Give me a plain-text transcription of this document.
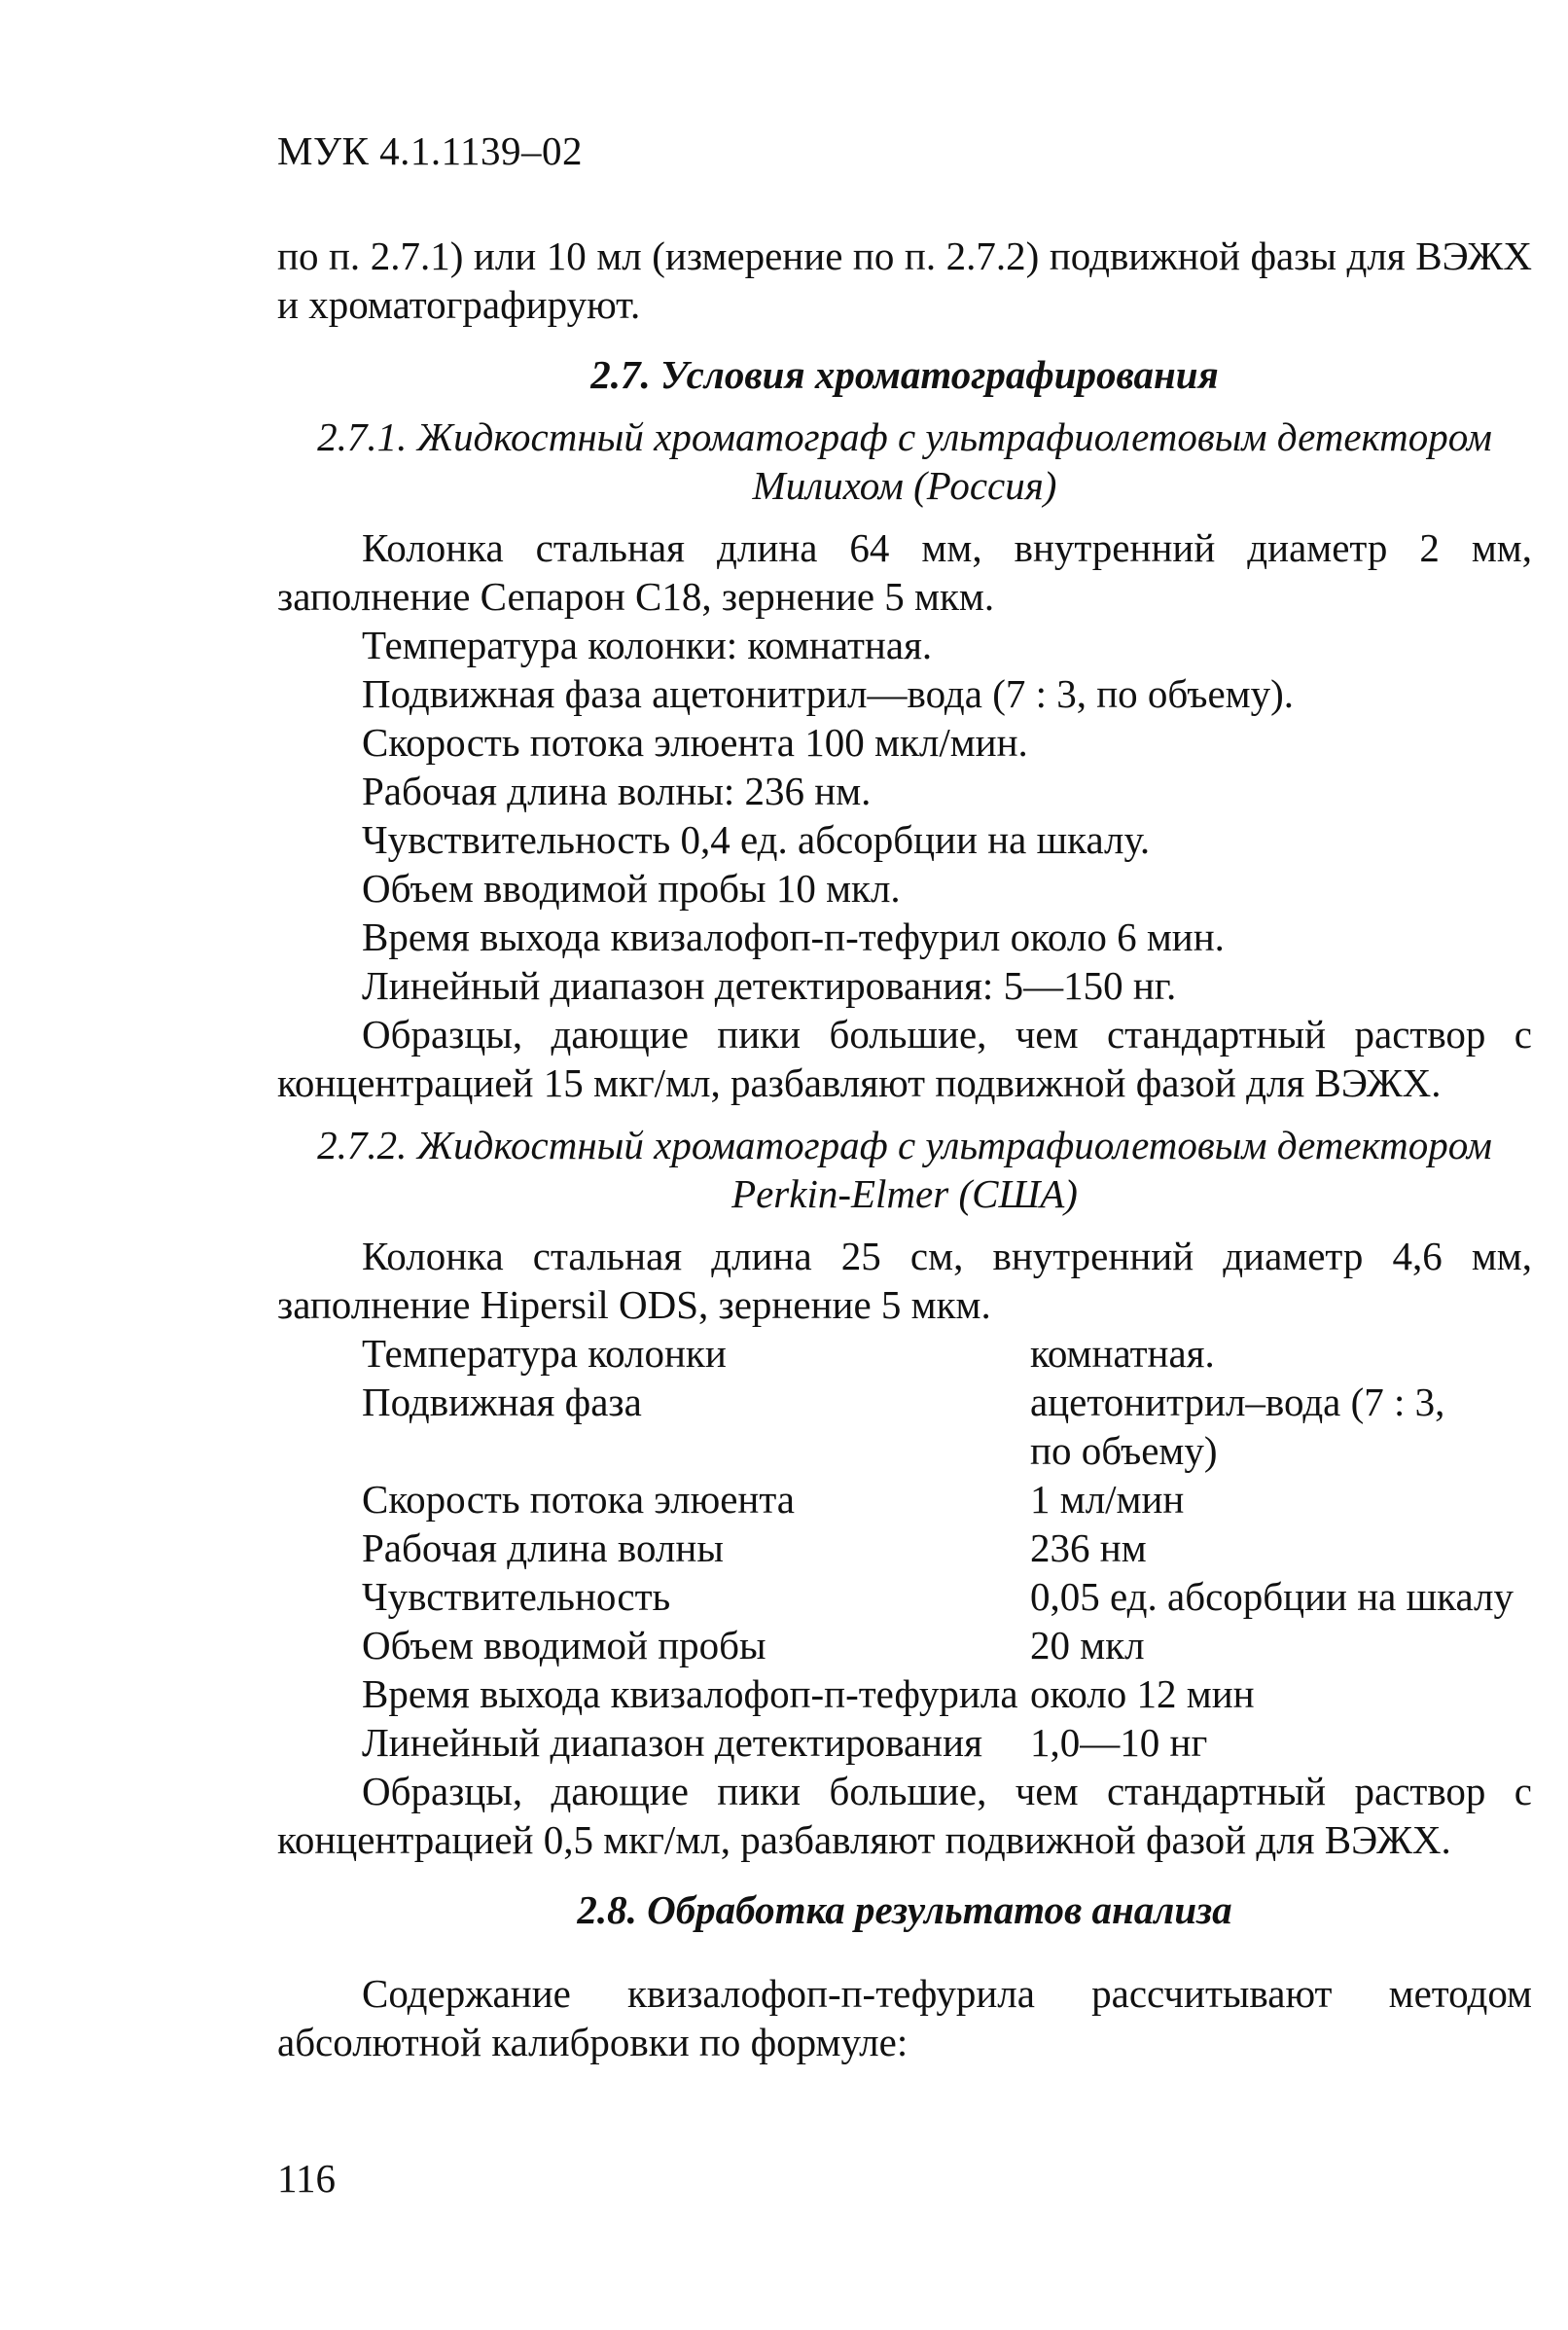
МУК 4.1.1139–02

по п. 2.7.1) или 10 мл (измерение по п. 2.7.2) подвижной фазы для ВЭЖХ и хроматографируют.

2.7. Условия хроматографирования

2.7.1. Жидкостный хроматограф с ультрафиолетовым детектором

Милихом (Россия)

Колонка стальная длина 64 мм, внутренний диаметр 2 мм, заполнение Сепарон С18, зернение 5 мкм.

Температура колонки: комнатная.

Подвижная фаза ацетонитрил—вода (7 : 3, по объему).

Скорость потока элюента 100 мкл/мин.

Рабочая длина волны: 236 нм.

Чувствительность 0,4 ед. абсорбции на шкалу.

Объем вводимой пробы 10 мкл.

Время выхода квизалофоп-п-тефурил около 6 мин.

Линейный диапазон детектирования: 5—150 нг.

Образцы, дающие пики большие, чем стандартный раствор с концентрацией 15 мкг/мл, разбавляют подвижной фазой для ВЭЖХ.

2.7.2. Жидкостный хроматограф с ультрафиолетовым детектором

Perkin-Elmer (США)

Колонка стальная длина 25 см, внутренний диаметр 4,6 мм, заполнение Hipersil ODS, зернение 5 мкм.

Температура колонки	комнатная.
Подвижная фаза	ацетонитрил–вода (7 : 3,
	по объему)
Скорость потока элюента	1 мл/мин
Рабочая длина волны	236 нм
Чувствительность	0,05 ед. абсорбции на шкалу
Объем вводимой пробы	20 мкл
Время выхода квизалофоп-п-тефурила	около 12 мин
Линейный диапазон детектирования	1,0—10 нг

Образцы, дающие пики большие, чем стандартный раствор с концентрацией 0,5 мкг/мл, разбавляют подвижной фазой для ВЭЖХ.

2.8. Обработка результатов анализа

Содержание квизалофоп-п-тефурила рассчитывают методом абсолютной калибровки по формуле:

116
